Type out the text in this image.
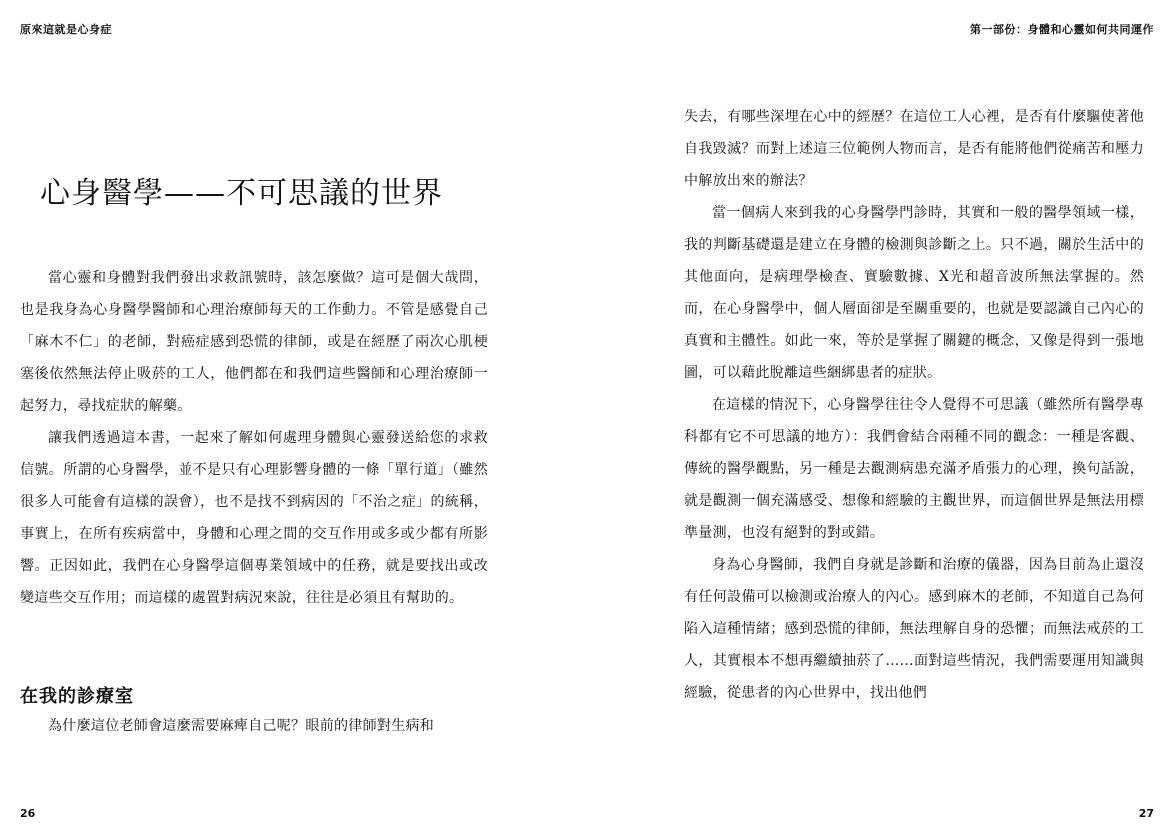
原來這就是心身症
心身醫學——不可思議的世界

當心靈和身體對我們發出求救訊號時，該怎麼做？這可是個大哉問，也是我身為心身醫學醫師和心理治療師每天的工作動力。不管是感覺自己「麻木不仁」的老師，對癌症感到恐慌的律師，或是在經歷了兩次心肌梗塞後依然無法停止吸菸的工人，他們都在和我們這些醫師和心理治療師一起努力，尋找症狀的解藥。

讓我們透過這本書，一起來了解如何處理身體與心靈發送給您的求救信號。所謂的心身醫學，並不是只有心理影響身體的一條「單行道」（雖然很多人可能會有這樣的誤會），也不是找不到病因的「不治之症」的統稱，事實上，在所有疾病當中，身體和心理之間的交互作用或多或少都有所影響。正因如此，我們在心身醫學這個專業領域中的任務，就是要找出或改變這些交互作用；而這樣的處置對病況來說，往往是必須且有幫助的。

在我的診療室

為什麼這位老師會這麼需要麻痺自己呢？眼前的律師對生病和

26
第一部份：身體和心靈如何共同運作

失去，有哪些深埋在心中的經歷？在這位工人心裡，是否有什麼驅使著他自我毀滅？而對上述這三位範例人物而言，是否有能將他們從痛苦和壓力中解放出來的辦法？

當一個病人來到我的心身醫學門診時，其實和一般的醫學領域一樣，我的判斷基礎還是建立在身體的檢測與診斷之上。只不過，關於生活中的其他面向，是病理學檢查、實驗數據、X光和超音波所無法掌握的。然而，在心身醫學中，個人層面卻是至關重要的，也就是要認識自己內心的真實和主體性。如此一來，等於是掌握了關鍵的概念，又像是得到一張地圖，可以藉此脫離這些綑綁患者的症狀。

在這樣的情況下，心身醫學往往令人覺得不可思議（雖然所有醫學專科都有它不可思議的地方）：我們會結合兩種不同的觀念：一種是客觀、傳統的醫學觀點，另一種是去觀測病患充滿矛盾張力的心理，換句話說，就是觀測一個充滿感受、想像和經驗的主觀世界，而這個世界是無法用標準量測，也沒有絕對的對或錯。

身為心身醫師，我們自身就是診斷和治療的儀器，因為目前為止還沒有任何設備可以檢測或治療人的內心。感到麻木的老師，不知道自己為何陷入這種情緒；感到恐慌的律師，無法理解自身的恐懼；而無法戒菸的工人，其實根本不想再繼續抽菸了……面對這些情況，我們需要運用知識與經驗，從患者的內心世界中，找出他們

27
